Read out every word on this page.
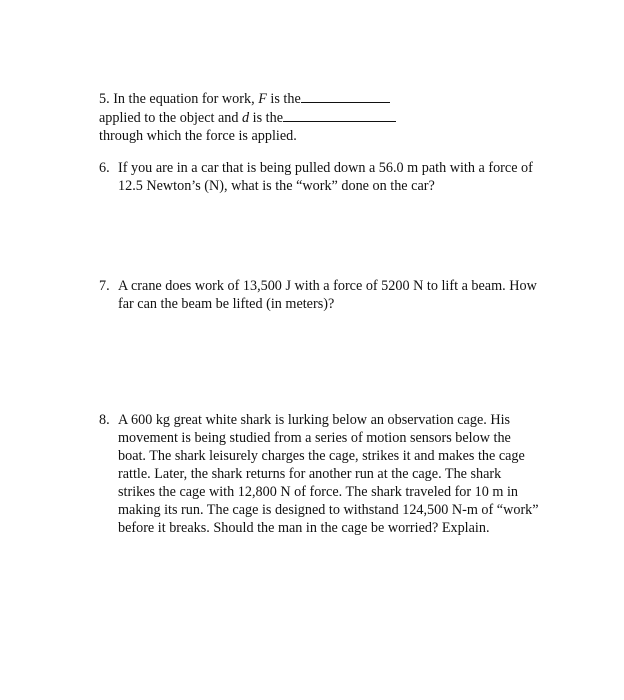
5. In the equation for work, F is the
applied to the object and d is the
through which the force is applied.
6. If you are in a car that is being pulled down a 56.0 m path with a force of 12.5 Newton’s (N), what is the “work” done on the car?
7. A crane does work of 13,500 J with a force of 5200 N to lift a beam. How far can the beam be lifted (in meters)?
8. A 600 kg great white shark is lurking below an observation cage. His movement is being studied from a series of motion sensors below the boat. The shark leisurely charges the cage, strikes it and makes the cage rattle. Later, the shark returns for another run at the cage. The shark strikes the cage with 12,800 N of force. The shark traveled for 10 m in making its run. The cage is designed to withstand 124,500 N-m of “work” before it breaks. Should the man in the cage be worried? Explain.
